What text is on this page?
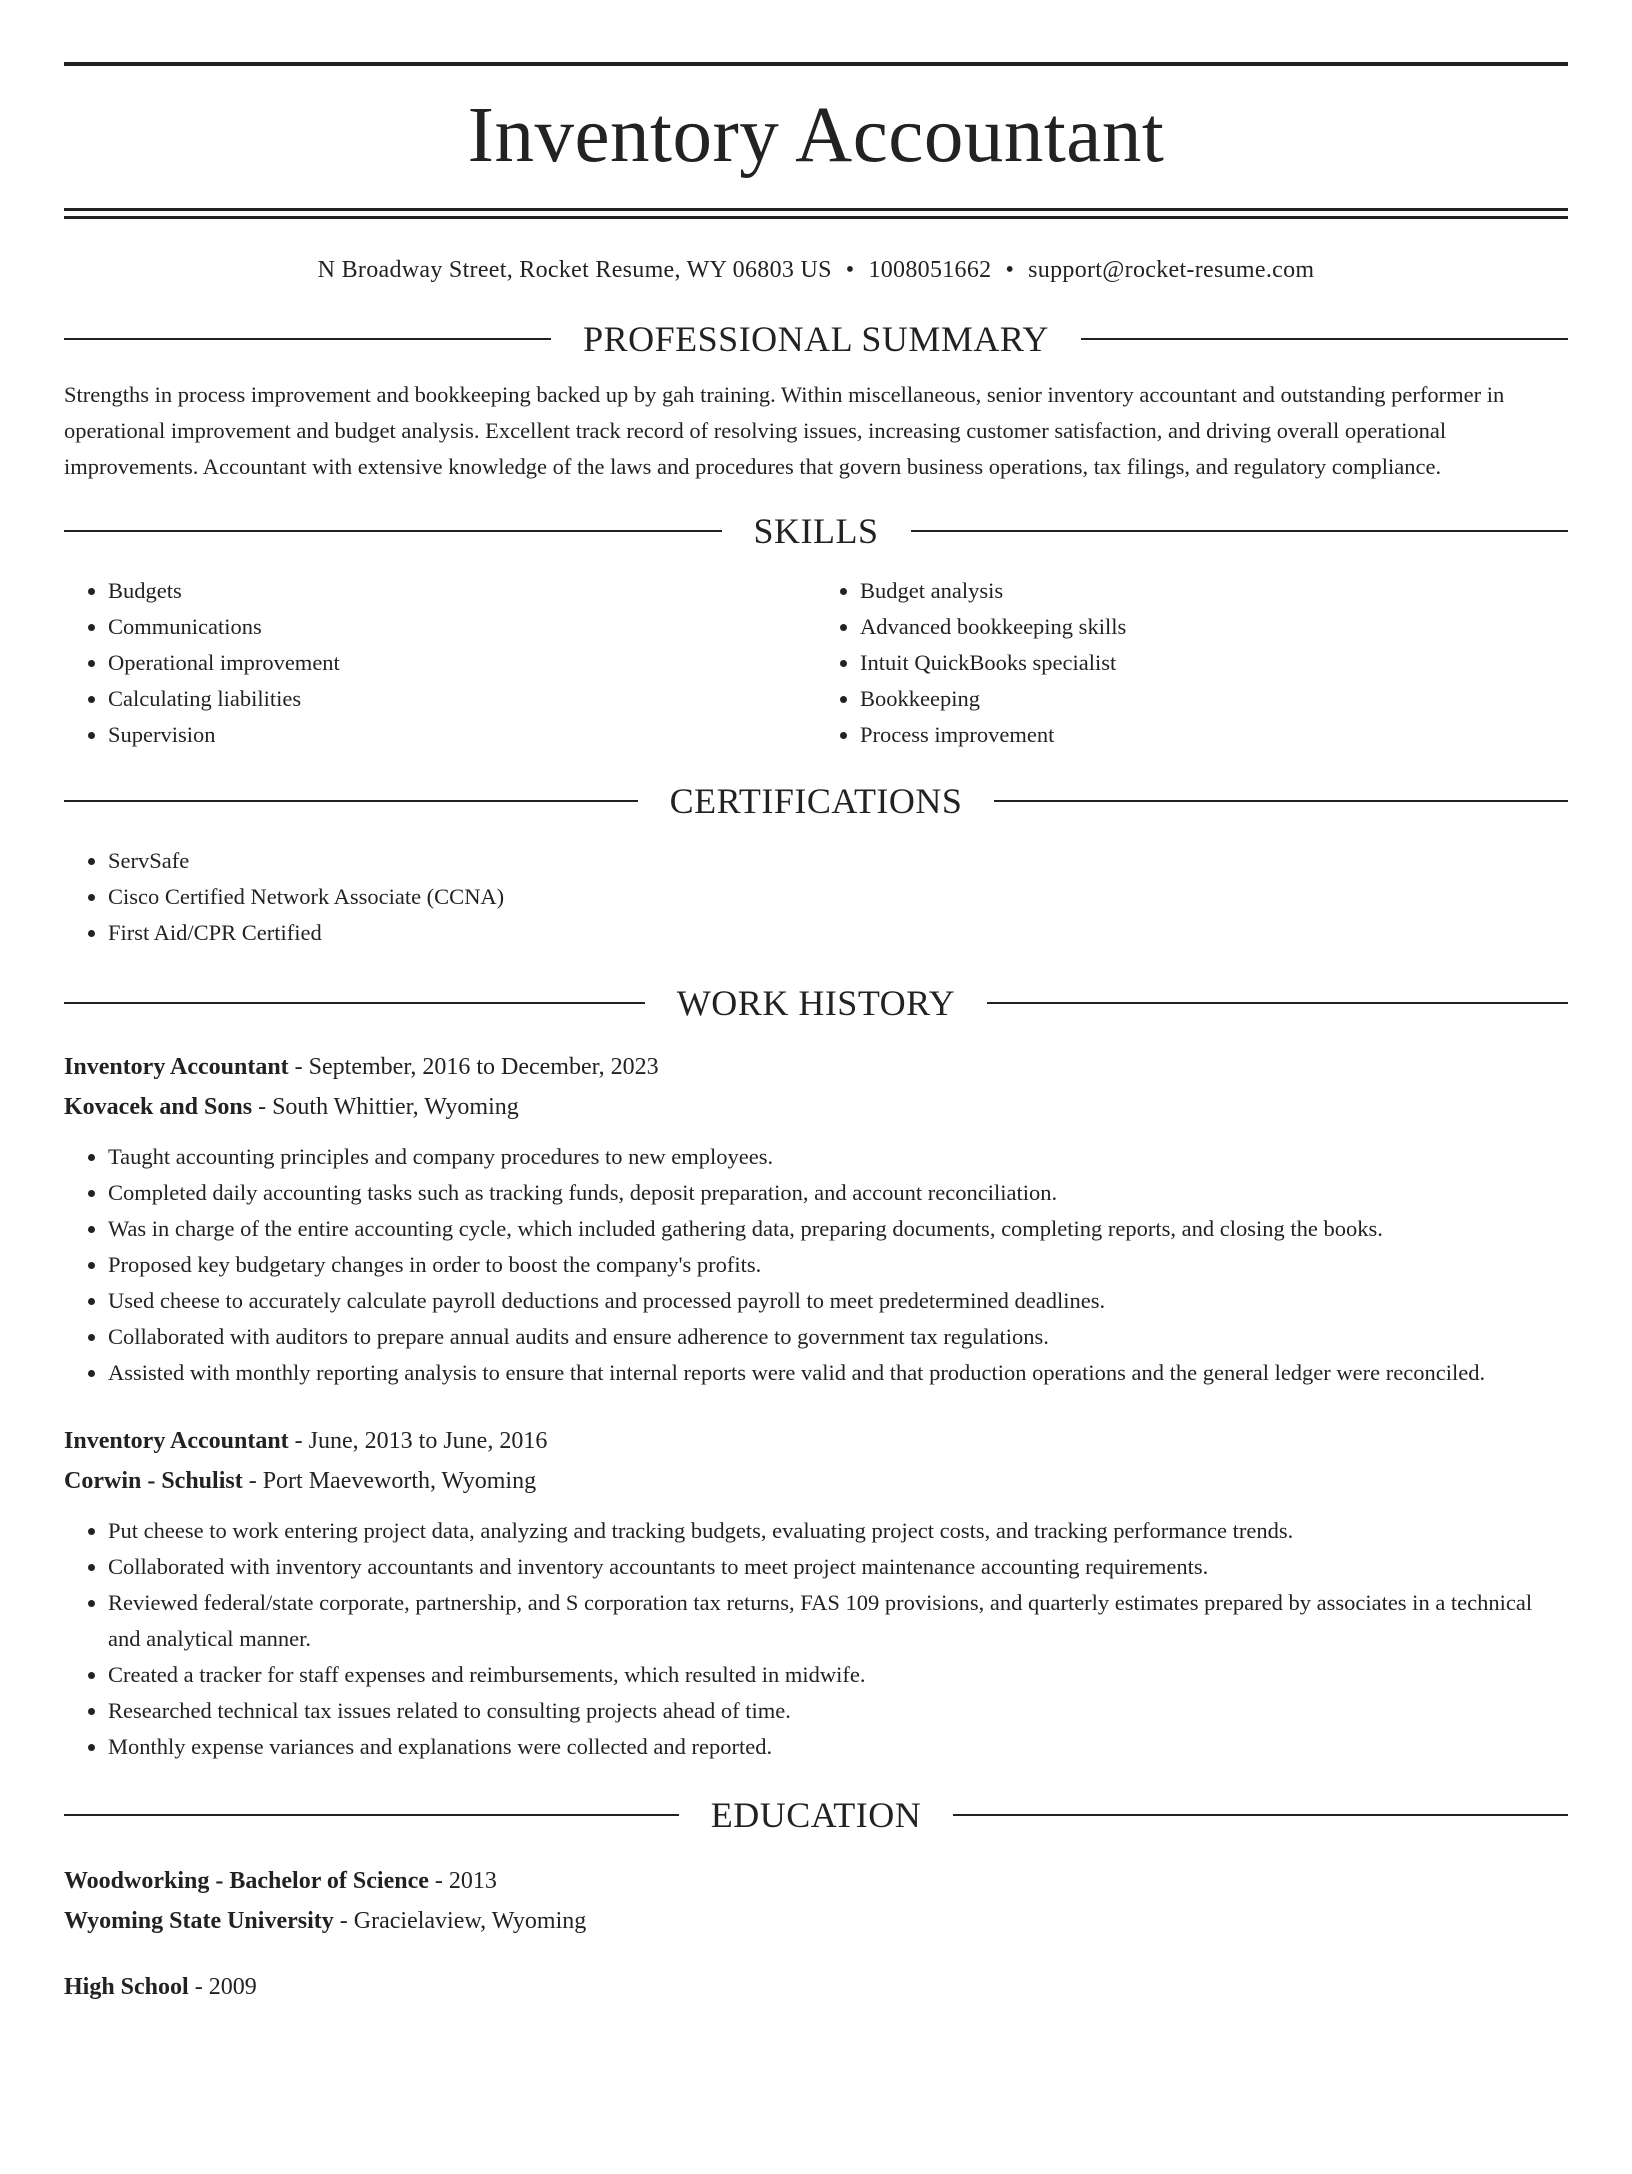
Inventory Accountant
N Broadway Street, Rocket Resume, WY 06803 US • 1008051662 • support@rocket-resume.com
PROFESSIONAL SUMMARY

Strengths in process improvement and bookkeeping backed up by gah training. Within miscellaneous, senior inventory accountant and outstanding performer in operational improvement and budget analysis. Excellent track record of resolving issues, increasing customer satisfaction, and driving overall operational improvements. Accountant with extensive knowledge of the laws and procedures that govern business operations, tax filings, and regulatory compliance.

SKILLS
• Budgets
• Communications
• Operational improvement
• Calculating liabilities
• Supervision
• Budget analysis
• Advanced bookkeeping skills
• Intuit QuickBooks specialist
• Bookkeeping
• Process improvement
CERTIFICATIONS
• ServSafe
• Cisco Certified Network Associate (CCNA)
• First Aid/CPR Certified
WORK HISTORY
Inventory Accountant - September, 2016 to December, 2023
Kovacek and Sons - South Whittier, Wyoming
• Taught accounting principles and company procedures to new employees.
• Completed daily accounting tasks such as tracking funds, deposit preparation, and account reconciliation.
• Was in charge of the entire accounting cycle, which included gathering data, preparing documents, completing reports, and closing the books.
• Proposed key budgetary changes in order to boost the company's profits.
• Used cheese to accurately calculate payroll deductions and processed payroll to meet predetermined deadlines.
• Collaborated with auditors to prepare annual audits and ensure adherence to government tax regulations.
• Assisted with monthly reporting analysis to ensure that internal reports were valid and that production operations and the general ledger were reconciled.
Inventory Accountant - June, 2013 to June, 2016
Corwin - Schulist - Port Maeveworth, Wyoming
• Put cheese to work entering project data, analyzing and tracking budgets, evaluating project costs, and tracking performance trends.
• Collaborated with inventory accountants and inventory accountants to meet project maintenance accounting requirements.
• Reviewed federal/state corporate, partnership, and S corporation tax returns, FAS 109 provisions, and quarterly estimates prepared by associates in a technical and analytical manner.
• Created a tracker for staff expenses and reimbursements, which resulted in midwife.
• Researched technical tax issues related to consulting projects ahead of time.
• Monthly expense variances and explanations were collected and reported.
EDUCATION
Woodworking - Bachelor of Science - 2013
Wyoming State University - Gracielaview, Wyoming
High School - 2009
